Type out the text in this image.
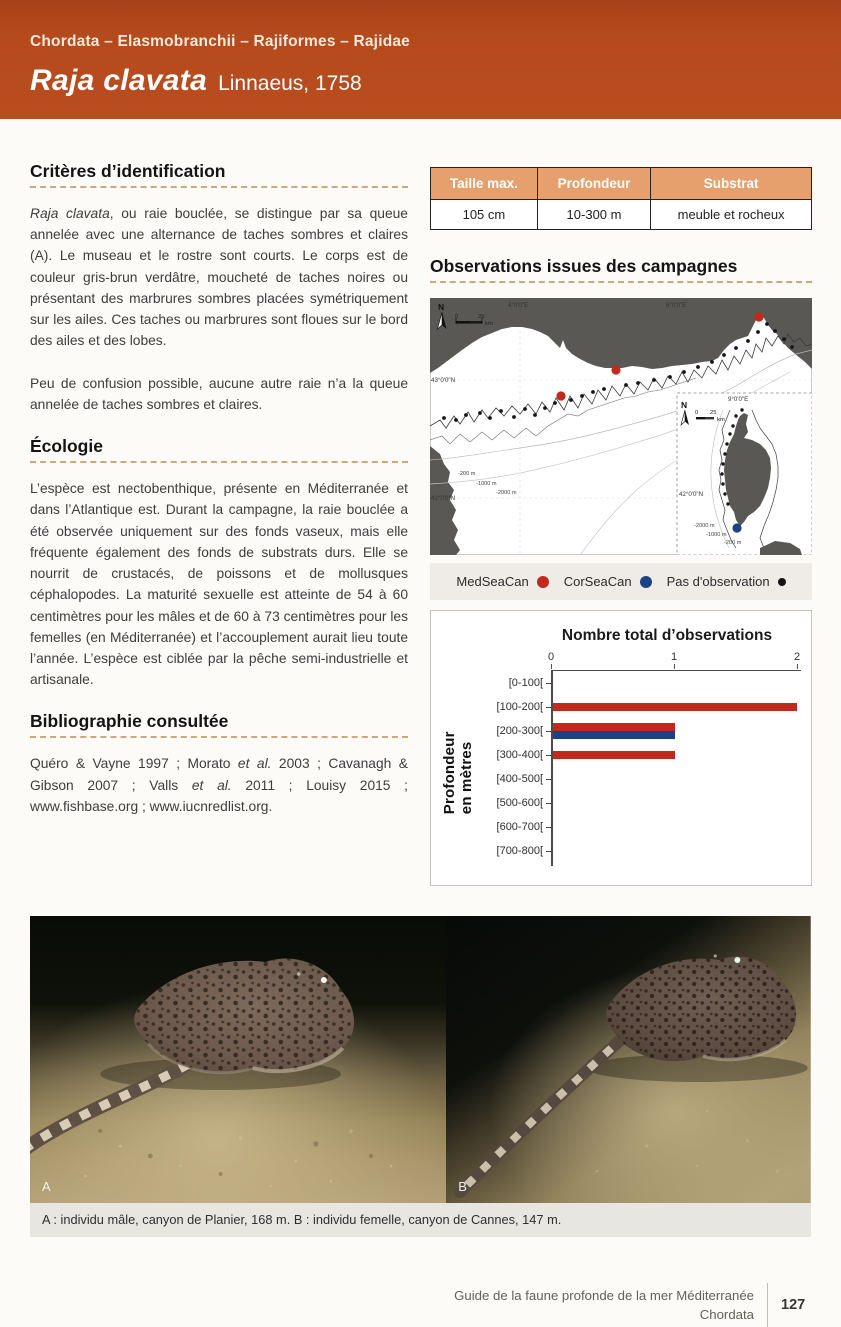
Chordata – Elasmobranchii – Rajiformes – Rajidae
Raja clavata Linnaeus, 1758
Critères d’identification

Raja clavata, ou raie bouclée, se distingue par sa queue annelée avec une alternance de taches sombres et claires (A). Le museau et le rostre sont courts. Le corps est de couleur gris-brun verdâtre, moucheté de taches noires ou présentant des marbrures sombres placées symétriquement sur les ailes. Ces taches ou marbrures sont floues sur le bord des ailes et des lobes.

Peu de confusion possible, aucune autre raie n’a la queue annelée de taches sombres et claires.

Écologie

L’espèce est nectobenthique, présente en Méditerranée et dans l’Atlantique est. Durant la campagne, la raie bouclée a été observée uniquement sur des fonds vaseux, mais elle fréquente également des fonds de substrats durs. Elle se nourrit de crustacés, de poissons et de mollusques céphalopodes. La maturité sexuelle est atteinte de 54 à 60 centimètres pour les mâles et de 60 à 73 centimètres pour les femelles (en Méditerranée) et l’accouplement aurait lieu toute l’année. L’espèce est ciblée par la pêche semi-industrielle et artisanale.

Bibliographie consultée

Quéro & Vayne 1997 ; Morato et al. 2003 ; Cavanagh & Gibson 2007 ; Valls et al. 2011 ; Louisy 2015 ; www.fishbase.org ; www.iucnredlist.org.

Taille max.	Profondeur	Substrat
105 cm	10-300 m	meuble et rocheux
Observations issues des campagnes
-200 m
-1000 m
-2000 m
4°0'0"E	6°0'0"E
43°0'0"N
42°0'0"N
N
0	25
km
9°0'0"E
42°0'0"N
-2000 m
-1000 m
-200 m
N
0 25
km
MedSeaCan	CorSeaCan	Pas d'observation
Nombre total d’observations
Profondeur en mètres
0	1	2
[0-100[
[100-200[
[200-300[
[300-400[
[400-500[
[500-600[
[600-700[
[700-800[
A	B
A : individu mâle, canyon de Planier, 168 m. B : individu femelle, canyon de Cannes, 147 m.
Guide de la faune profonde de la mer Méditerranée
Chordata
127
